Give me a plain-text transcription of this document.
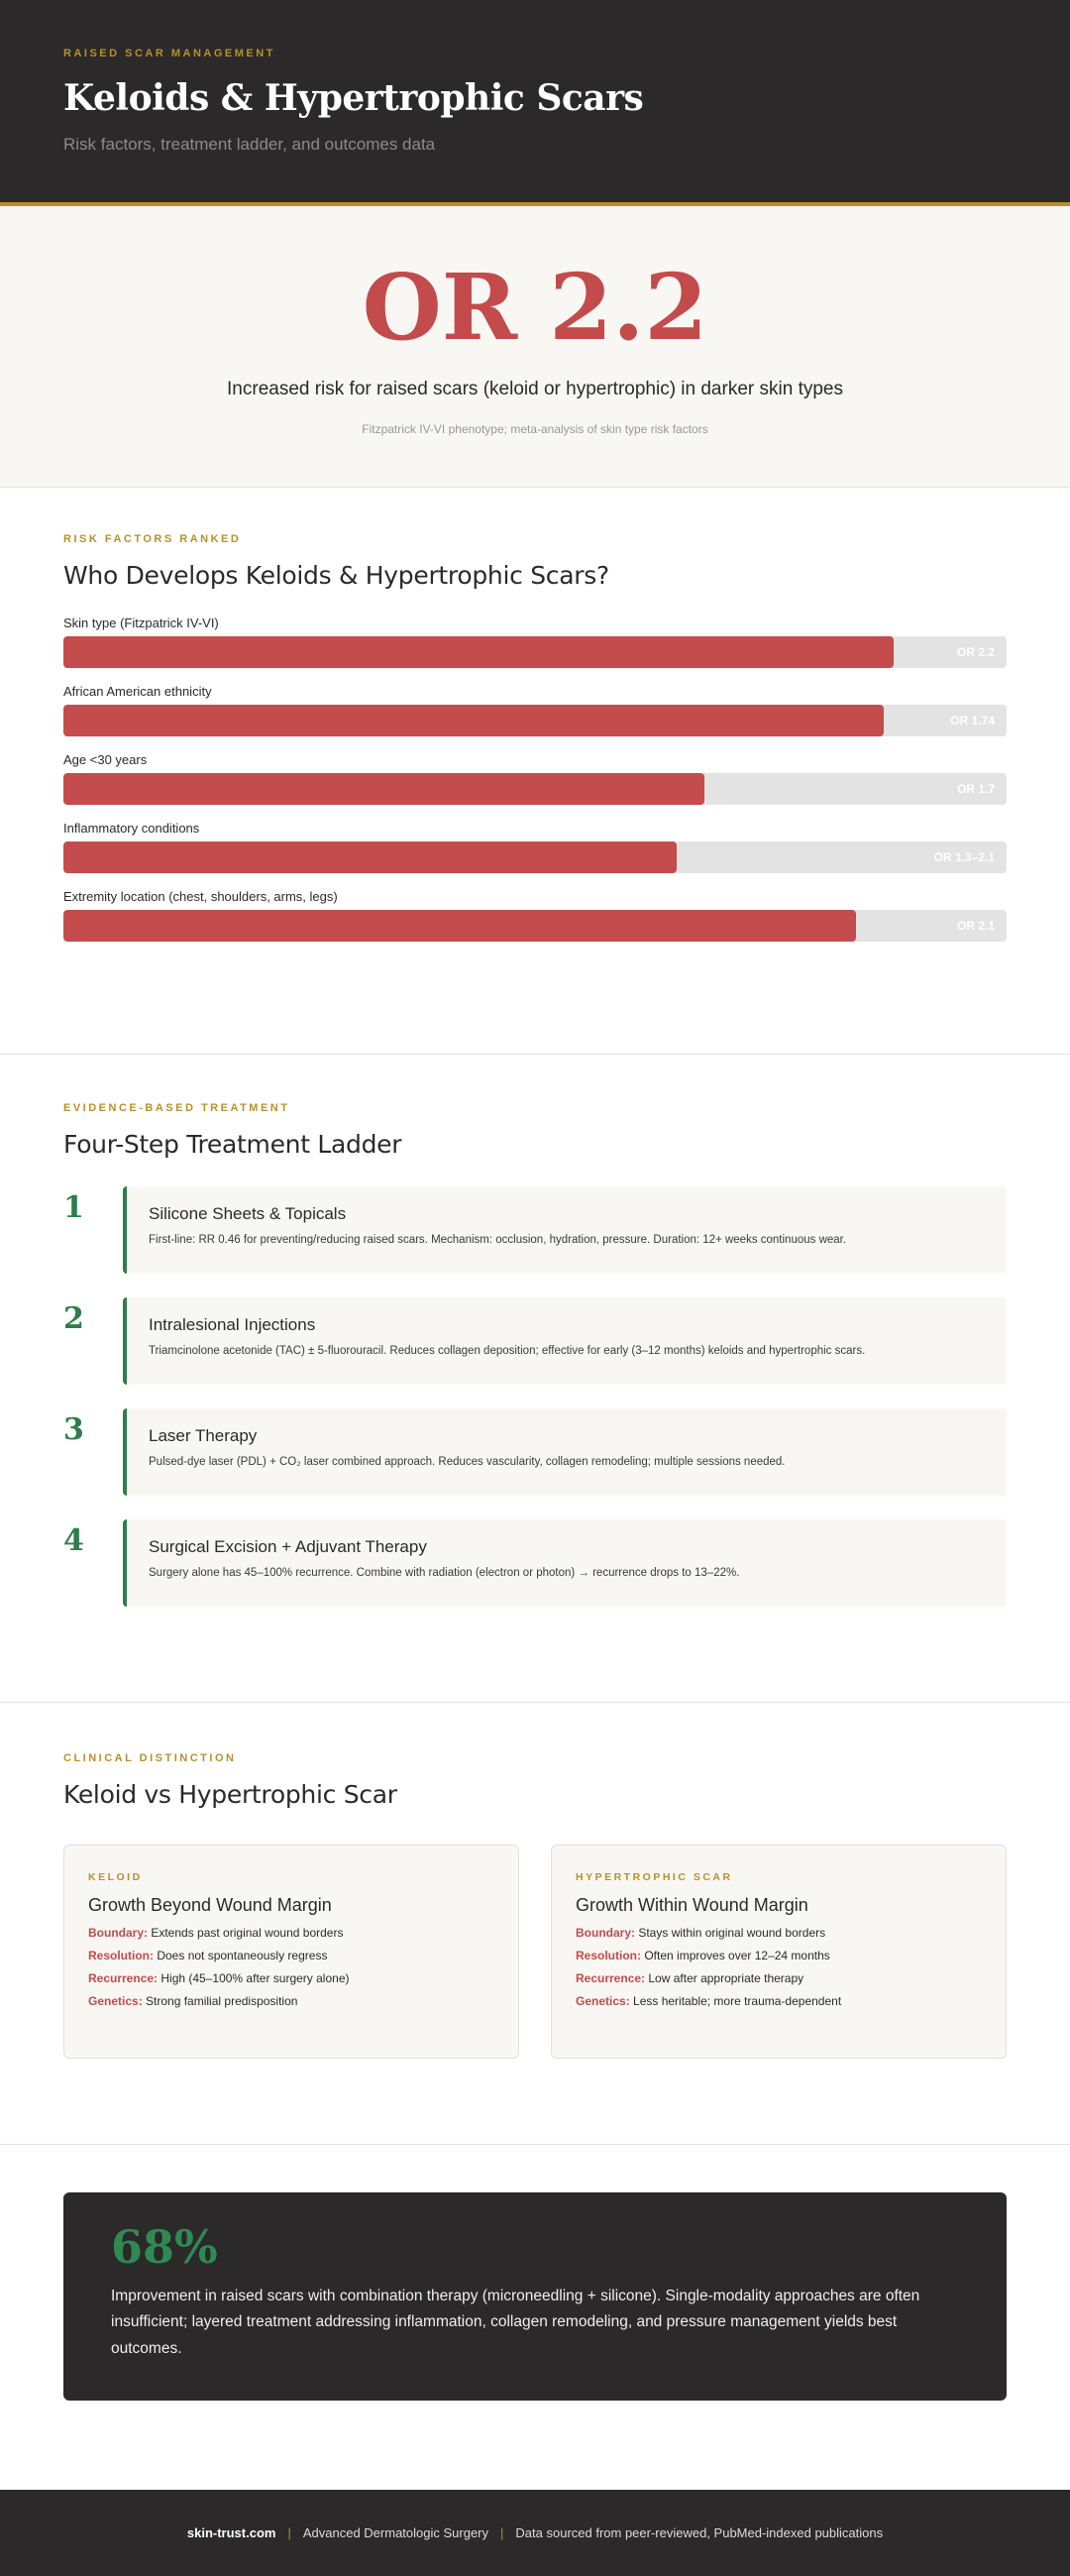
RAISED SCAR MANAGEMENT
Keloids & Hypertrophic Scars
Risk factors, treatment ladder, and outcomes data
OR 2.2
Increased risk for raised scars (keloid or hypertrophic) in darker skin types
Fitzpatrick IV-VI phenotype; meta-analysis of skin type risk factors
RISK FACTORS RANKED
Who Develops Keloids & Hypertrophic Scars?
Skin type (Fitzpatrick IV-VI)
OR 2.2
African American ethnicity
OR 1.74
Age <30 years
OR 1.7
Inflammatory conditions
OR 1.3–2.1
Extremity location (chest, shoulders, arms, legs)
OR 2.1
EVIDENCE-BASED TREATMENT
Four-Step Treatment Ladder
1	Silicone Sheets & Topicals
First-line: RR 0.46 for preventing/reducing raised scars. Mechanism: occlusion, hydration, pressure. Duration: 12+ weeks continuous wear.
2	Intralesional Injections
Triamcinolone acetonide (TAC) ± 5-fluorouracil. Reduces collagen deposition; effective for early (3–12 months) keloids and hypertrophic scars.
3	Laser Therapy
Pulsed-dye laser (PDL) + CO₂ laser combined approach. Reduces vascularity, collagen remodeling; multiple sessions needed.
4	Surgical Excision + Adjuvant Therapy
Surgery alone has 45–100% recurrence. Combine with radiation (electron or photon) → recurrence drops to 13–22%.
CLINICAL DISTINCTION
Keloid vs Hypertrophic Scar
KELOID
Growth Beyond Wound Margin
Boundary: Extends past original wound borders
Resolution: Does not spontaneously regress
Recurrence: High (45–100% after surgery alone)
Genetics: Strong familial predisposition
HYPERTROPHIC SCAR
Growth Within Wound Margin
Boundary: Stays within original wound borders
Resolution: Often improves over 12–24 months
Recurrence: Low after appropriate therapy
Genetics: Less heritable; more trauma-dependent
68%
Improvement in raised scars with combination therapy (microneedling + silicone). Single-modality approaches are often insufficient; layered treatment addressing inflammation, collagen remodeling, and pressure management yields best outcomes.
skin-trust.com | Advanced Dermatologic Surgery | Data sourced from peer-reviewed, PubMed-indexed publications
